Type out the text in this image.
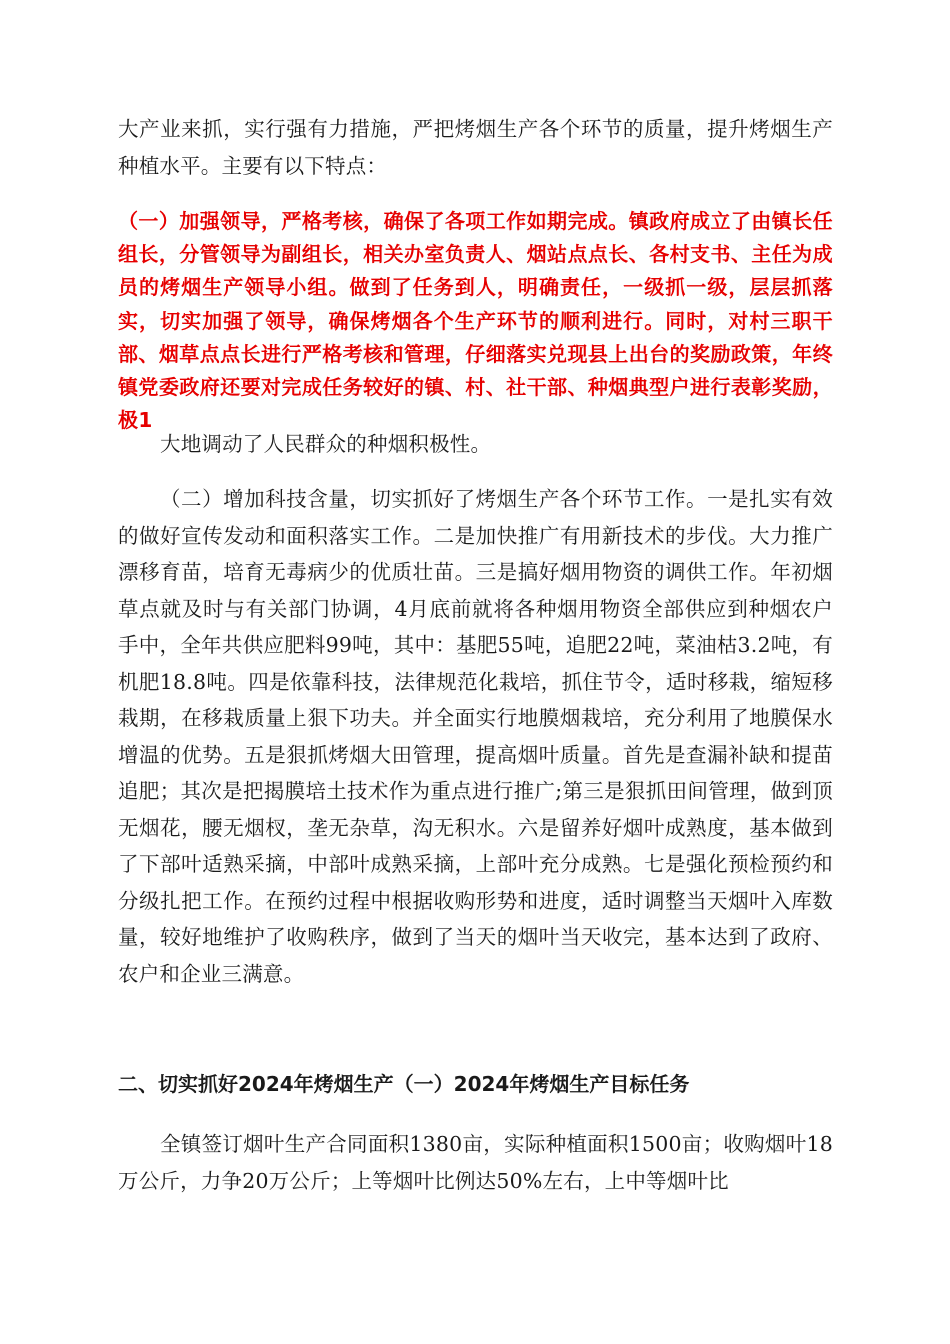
大产业来抓，实行强有力措施，严把烤烟生产各个环节的质量，提升烤烟生产种植水平。主要有以下特点：

（一）加强领导，严格考核，确保了各项工作如期完成。镇政府成立了由镇长任组长，分管领导为副组长，相关办室负责人、烟站点点长、各村支书、主任为成员的烤烟生产领导小组。做到了任务到人，明确责任，一级抓一级，层层抓落实，切实加强了领导，确保烤烟各个生产环节的顺利进行。同时，对村三职干部、烟草点点长进行严格考核和管理，仔细落实兑现县上出台的奖励政策，年终镇党委政府还要对完成任务较好的镇、村、社干部、种烟典型户进行表彰奖励，极1

大地调动了人民群众的种烟积极性。

（二）增加科技含量，切实抓好了烤烟生产各个环节工作。一是扎实有效的做好宣传发动和面积落实工作。二是加快推广有用新技术的步伐。大力推广漂移育苗，培育无毒病少的优质壮苗。三是搞好烟用物资的调供工作。年初烟草点就及时与有关部门协调，4月底前就将各种烟用物资全部供应到种烟农户手中，全年共供应肥料99吨，其中：基肥55吨，追肥22吨，菜油枯3.2吨，有机肥18.8吨。四是依靠科技，法律规范化栽培，抓住节令，适时移栽，缩短移栽期，在移栽质量上狠下功夫。并全面实行地膜烟栽培，充分利用了地膜保水增温的优势。五是狠抓烤烟大田管理，提高烟叶质量。首先是查漏补缺和提苗追肥；其次是把揭膜培土技术作为重点进行推广;第三是狠抓田间管理，做到顶无烟花，腰无烟杈，垄无杂草，沟无积水。六是留养好烟叶成熟度，基本做到了下部叶适熟采摘，中部叶成熟采摘，上部叶充分成熟。七是强化预检预约和分级扎把工作。在预约过程中根据收购形势和进度，适时调整当天烟叶入库数量，较好地维护了收购秩序，做到了当天的烟叶当天收完，基本达到了政府、农户和企业三满意。

二、切实抓好2024年烤烟生产（一）2024年烤烟生产目标任务

全镇签订烟叶生产合同面积1380亩，实际种植面积1500亩；收购烟叶18万公斤，力争20万公斤；上等烟叶比例达50%左右，上中等烟叶比
